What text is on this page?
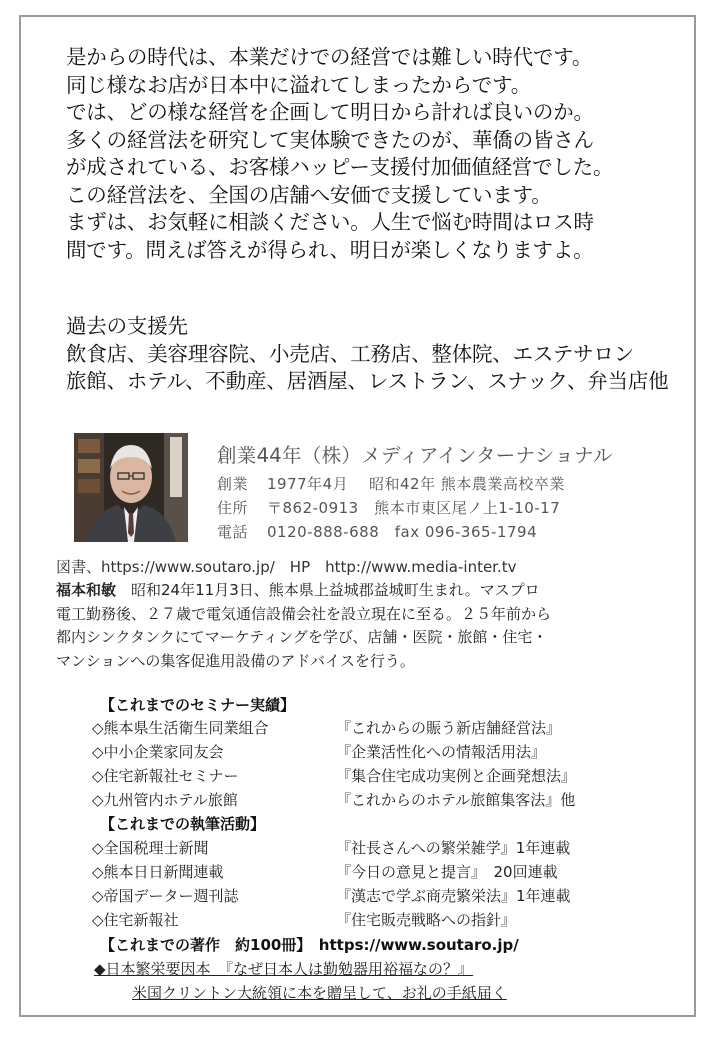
是からの時代は、本業だけでの経営では難しい時代です。
同じ様なお店が日本中に溢れてしまったからです。
では、どの様な経営を企画して明日から計れば良いのか。
多くの経営法を研究して実体験できたのが、華僑の皆さん
が成されている、お客様ハッピー支援付加価値経営でした。
この経営法を、全国の店舗へ安価で支援しています。
まずは、お気軽に相談ください。人生で悩む時間はロス時
間です。問えば答えが得られ、明日が楽しくなりますよ。
過去の支援先
飲食店、美容理容院、小売店、工務店、整体院、エステサロン
旅館、ホテル、不動産、居酒屋、レストラン、スナック、弁当店他
創業44年（株）メディアインターナショナル
創業 1977年4月　 昭和42年 熊本農業高校卒業
住所 〒862-0913　熊本市東区尾ノ上1-10-17
電話 0120-888-688　fax 096-365-1794
図書、https://www.soutaro.jp/　HP　http://www.media-inter.tv
福本和敏　昭和24年11月3日、熊本県上益城郡益城町生まれ。マスプロ
電工勤務後、２７歳で電気通信設備会社を設立現在に至る。２５年前から
都内シンクタンクにてマーケティングを学び、店舗・医院・旅館・住宅・
マンションへの集客促進用設備のアドバイスを行う。
【これまでのセミナー実績】
◇熊本県生活衛生同業組合	『これからの賑う新店舗経営法』
◇中小企業家同友会	『企業活性化への情報活用法』
◇住宅新報社セミナー	『集合住宅成功実例と企画発想法』
◇九州管内ホテル旅館	『これからのホテル旅館集客法』他
【これまでの執筆活動】
◇全国税理士新聞	『社長さんへの繁栄雑学』1年連載
◇熊本日日新聞連載	『今日の意見と提言』　20回連載
◇帝国データー週刊誌	『漢志で学ぶ商売繁栄法』1年連載
◇住宅新報社	『住宅販売戦略への指針』
【これまでの著作　約100冊】　https://www.soutaro.jp/
◆日本繁栄要因本　『なぜ日本人は勤勉器用裕福なの？』
米国クリントン大統領に本を贈呈して、お礼の手紙届く
